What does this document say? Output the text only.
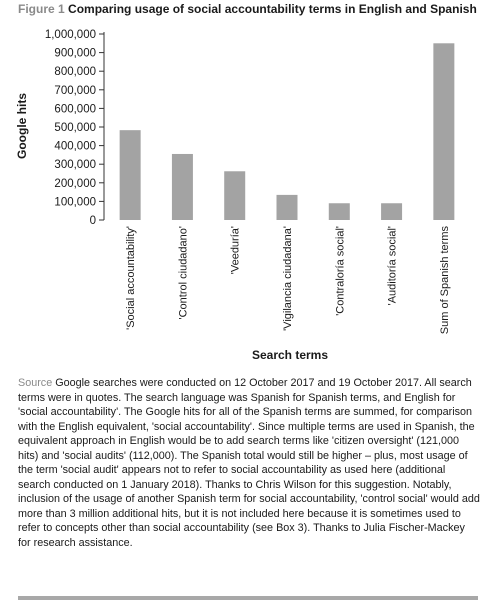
Figure 1 Comparing usage of social accountability terms in English and Spanish
0
100,000
200,000
300,000
400,000
500,000
600,000
700,000
800,000
900,000
1,000,000
'Social accountability'	'Control ciudadano'	'Veeduría'	'Vigilancia ciudadana'	'Contraloría social'	'Auditoría social'	Sum of Spanish terms
Google hits
Search terms
Source Google searches were conducted on 12 October 2017 and 19 October 2017. All search terms were in quotes. The search language was Spanish for Spanish terms, and English for 'social accountability'. The Google hits for all of the Spanish terms are summed, for comparison with the English equivalent, 'social accountability'. Since multiple terms are used in Spanish, the equivalent approach in English would be to add search terms like 'citizen oversight' (121,000 hits) and 'social audits' (112,000). The Spanish total would still be higher – plus, most usage of the term 'social audit' appears not to refer to social accountability as used here (additional search conducted on 1 January 2018). Thanks to Chris Wilson for this suggestion. Notably, inclusion of the usage of another Spanish term for social accountability, 'control social' would add more than 3 million additional hits, but it is not included here because it is sometimes used to refer to concepts other than social accountability (see Box 3). Thanks to Julia Fischer-Mackey for research assistance.
